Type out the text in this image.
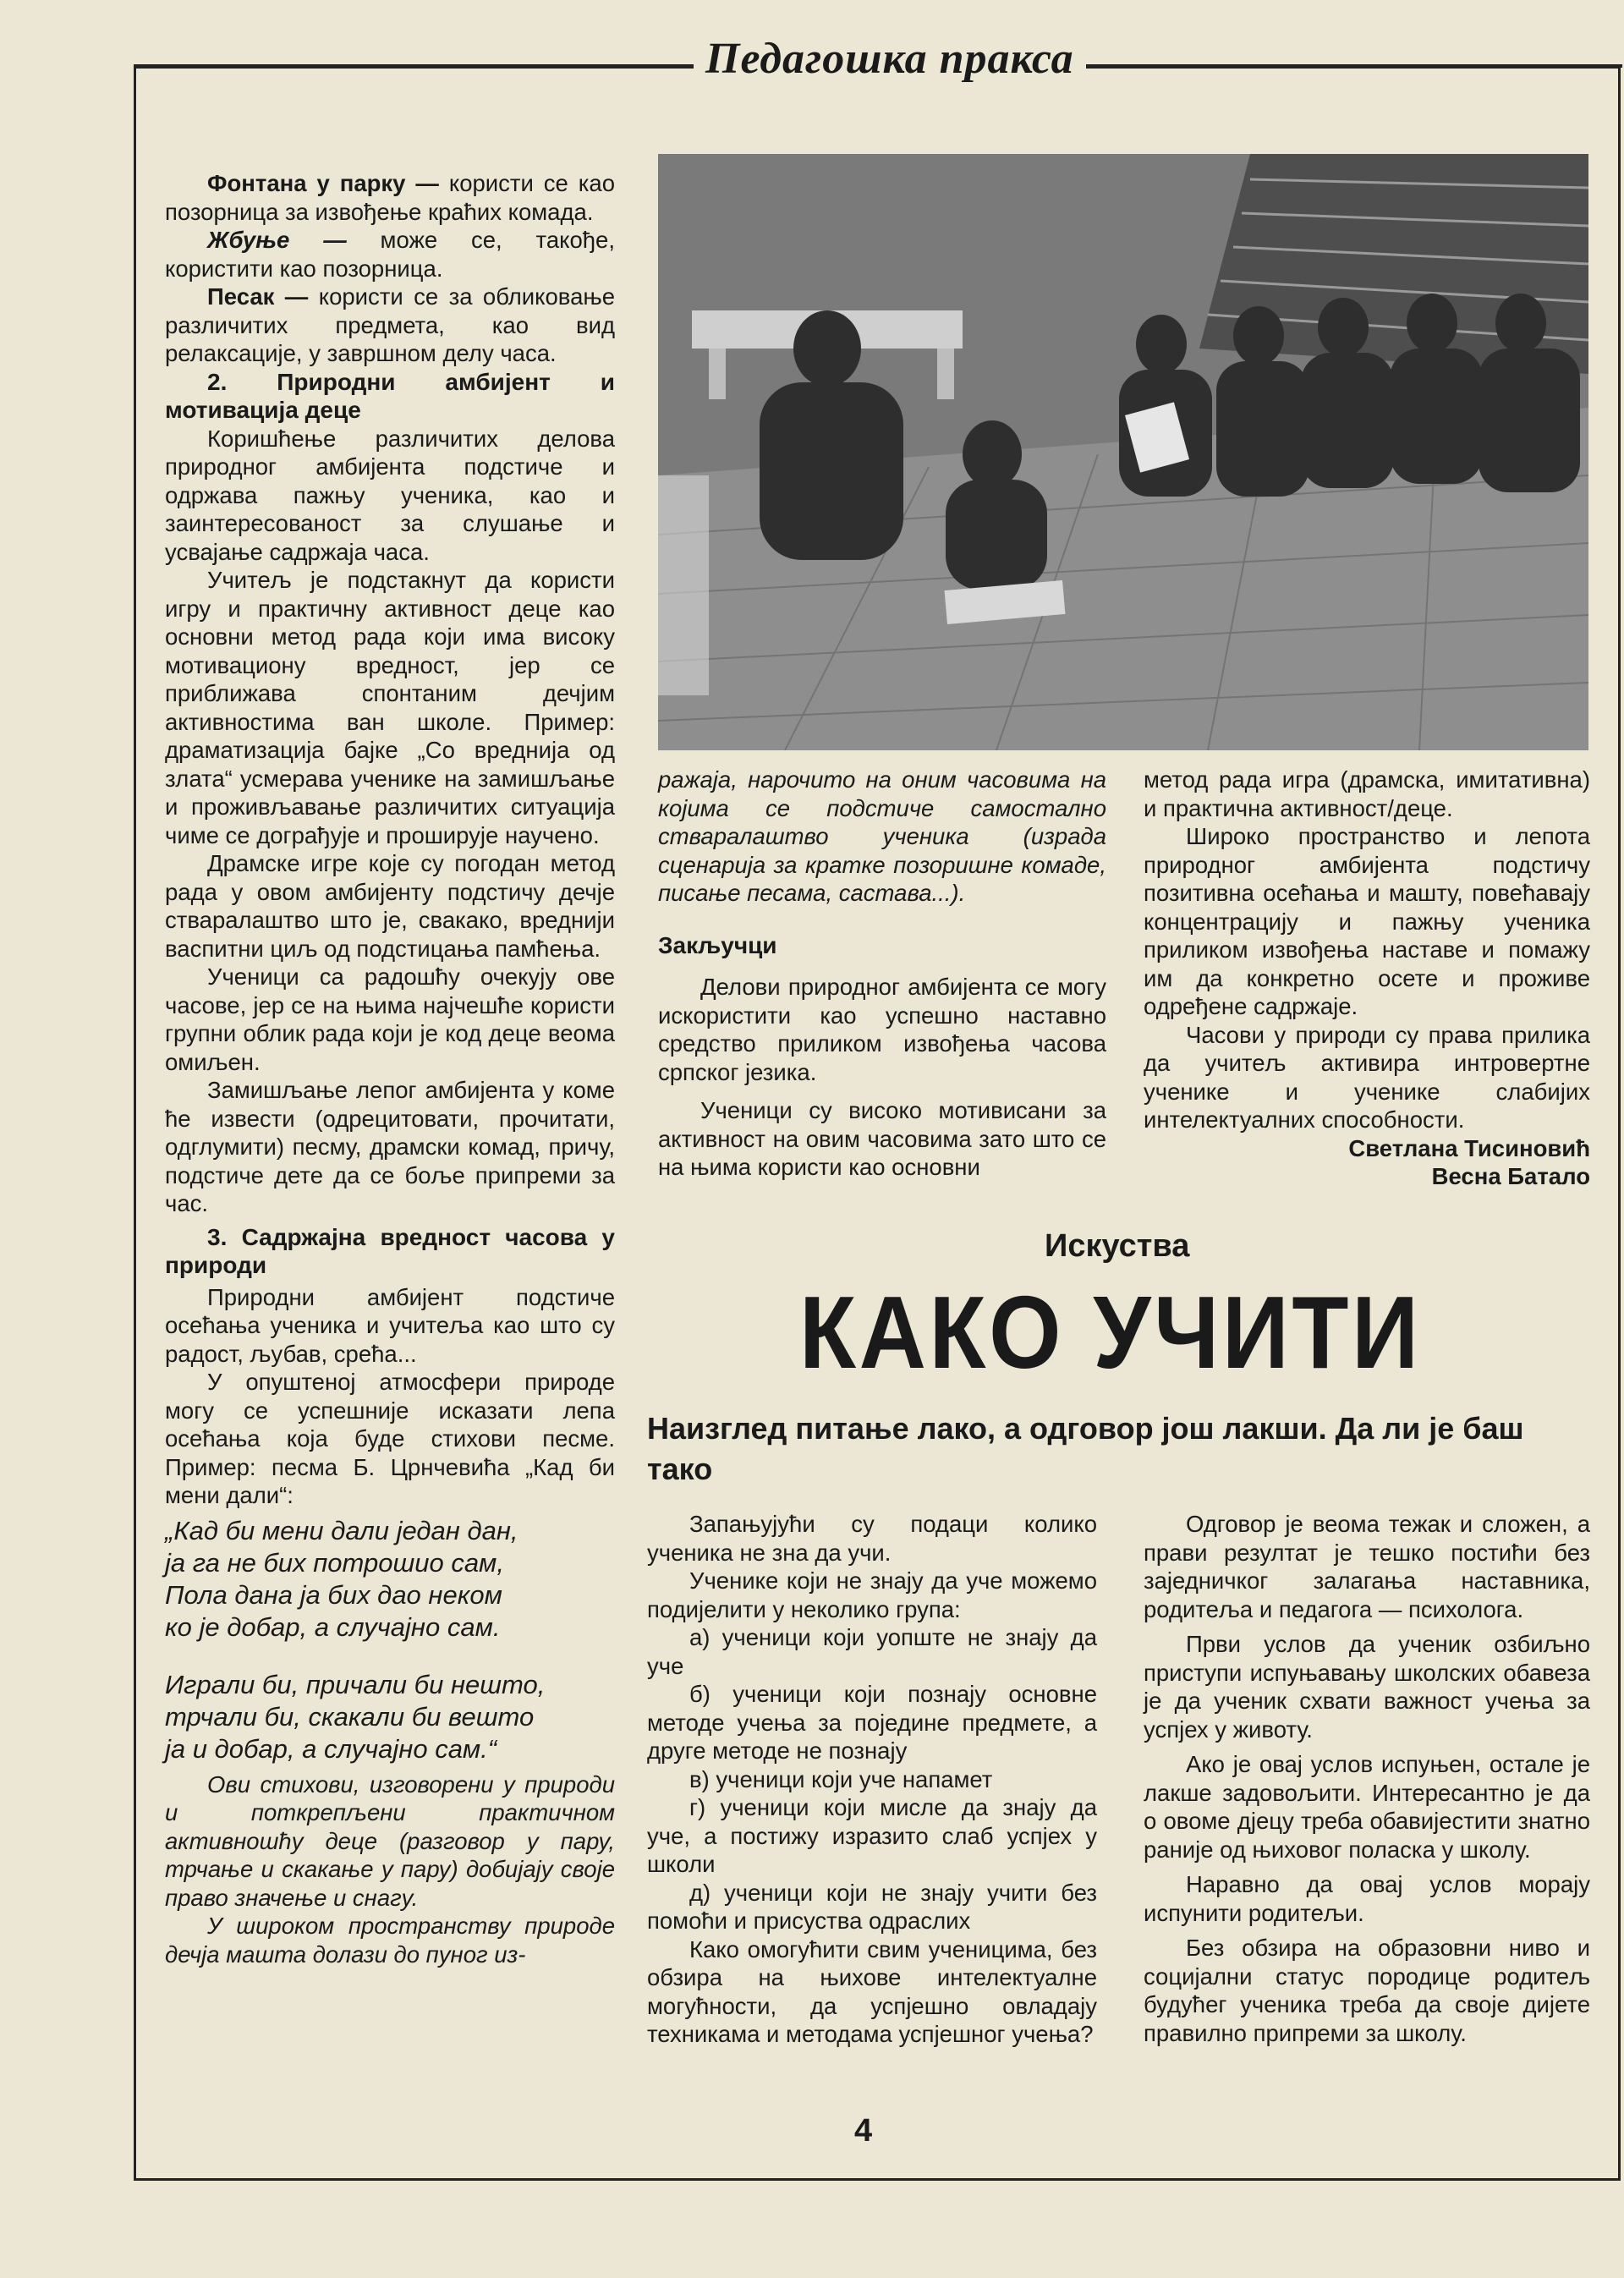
Педагошка пракса

Фонтана у парку — користи се као позорница за извођење краћих комада.

Жбуње — може се, такође, користити као позорница.

Песак — користи се за обликовање различитих предмета, као вид релаксације, у завршном делу часа.

2. Природни амбијент и мотивација деце

Коришћење различитих делова природног амбијента подстиче и одржава пажњу ученика, као и заинтересованост за слушање и усвајање садржаја часа.

Учитељ је подстакнут да користи игру и практичну активност деце као основни метод рада који има високу мотивациону вредност, јер се приближава спонтаним дечјим активностима ван школе. Пример: драматизација бајке „Со вреднија од злата“ усмерава ученике на замишљање и проживљавање различитих ситуација чиме се дограђује и проширује научено.

Драмске игре које су погодан метод рада у овом амбијенту подстичу дечје стваралаштво што је, свакако, вреднији васпитни циљ од подстицања памћења.

Ученици са радошћу очекују ове часове, јер се на њима најчешће користи групни облик рада који је код деце веома омиљен.

Замишљање лепог амбијента у коме ће извести (одрецитовати, прочитати, одглумити) песму, драмски комад, причу, подстиче дете да се боље припреми за час.

3. Садржајна вредност часова у природи

Природни амбијент подстиче осећања ученика и учитеља као што су радост, љубав, срећа...

У опуштеној атмосфери природе могу се успешније исказати лепа осећања која буде стихови песме. Пример: песма Б. Црнчевића „Кад би мени дали“:

„Кад би мени дали један дан,
ја га не бих потрошио сам,
Пола дана ја бих дао неком
ко је добар, а случајно сам.
Играли би, причали би нешто,
трчали би, скакали би вешто
ја и добар, а случајно сам.“

Ови стихови, изговорени у природи и поткрепљени практичном активношћу деце (разговор у пару, трчање и скакање у пару) добијају своје право значење и снагу.

У широком пространству природе дечја машта долази до пуног из-

ражаја, нарочито на оним часовима на којима се подстиче самостално стваралаштво ученика (израда сценарија за кратке позоришне комаде, писање песама, састава...).

Закључци

Делови природног амбијента се могу искористити као успешно наставно средство приликом извођења часова српског језика.

Ученици су високо мотивисани за активност на овим часовима зато што се на њима користи као основни

метод рада игра (драмска, имитативна) и практична активност/деце.

Широко пространство и лепота природног амбијента подстичу позитивна осећања и машту, повећавају концентрацију и пажњу ученика приликом извођења наставе и помажу им да конкретно осете и проживе одређене садржаје.

Часови у природи су права прилика да учитељ активира интровертне ученике и ученике слабијих интелектуалних способности.

Светлана Тисиновић

Весна Батало

Искуства
КАКО УЧИТИ
Наизглед питање лако, а одговор још лакши. Да ли је баш тако

Запањујући су подаци колико ученика не зна да учи.

Ученике који не знају да уче можемо подијелити у неколико група:

а) ученици који уопште не знају да уче

б) ученици који познају основне методе учења за поједине предмете, а друге методе не познају

в) ученици који уче напамет

г) ученици који мисле да знају да уче, а постижу изразито слаб успјех у школи

д) ученици који не знају учити без помоћи и присуства одраслих

Како омогућити свим ученицима, без обзира на њихове интелектуалне могућности, да успјешно овладају техникама и методама успјешног учења?

Одговор је веома тежак и сложен, а прави резултат је тешко постићи без заједничког залагања наставника, родитеља и педагога — психолога.

Први услов да ученик озбиљно приступи испуњавању школских обавеза је да ученик схвати важност учења за успјех у животу.

Ако је овај услов испуњен, остале је лакше задовољити. Интересантно је да о овоме дјецу треба обавијестити знатно раније од њиховог поласка у школу.

Наравно да овај услов морају испунити родитељи.

Без обзира на образовни ниво и социјални статус породице родитељ будућег ученика треба да своје дијете правилно припреми за школу.

4
